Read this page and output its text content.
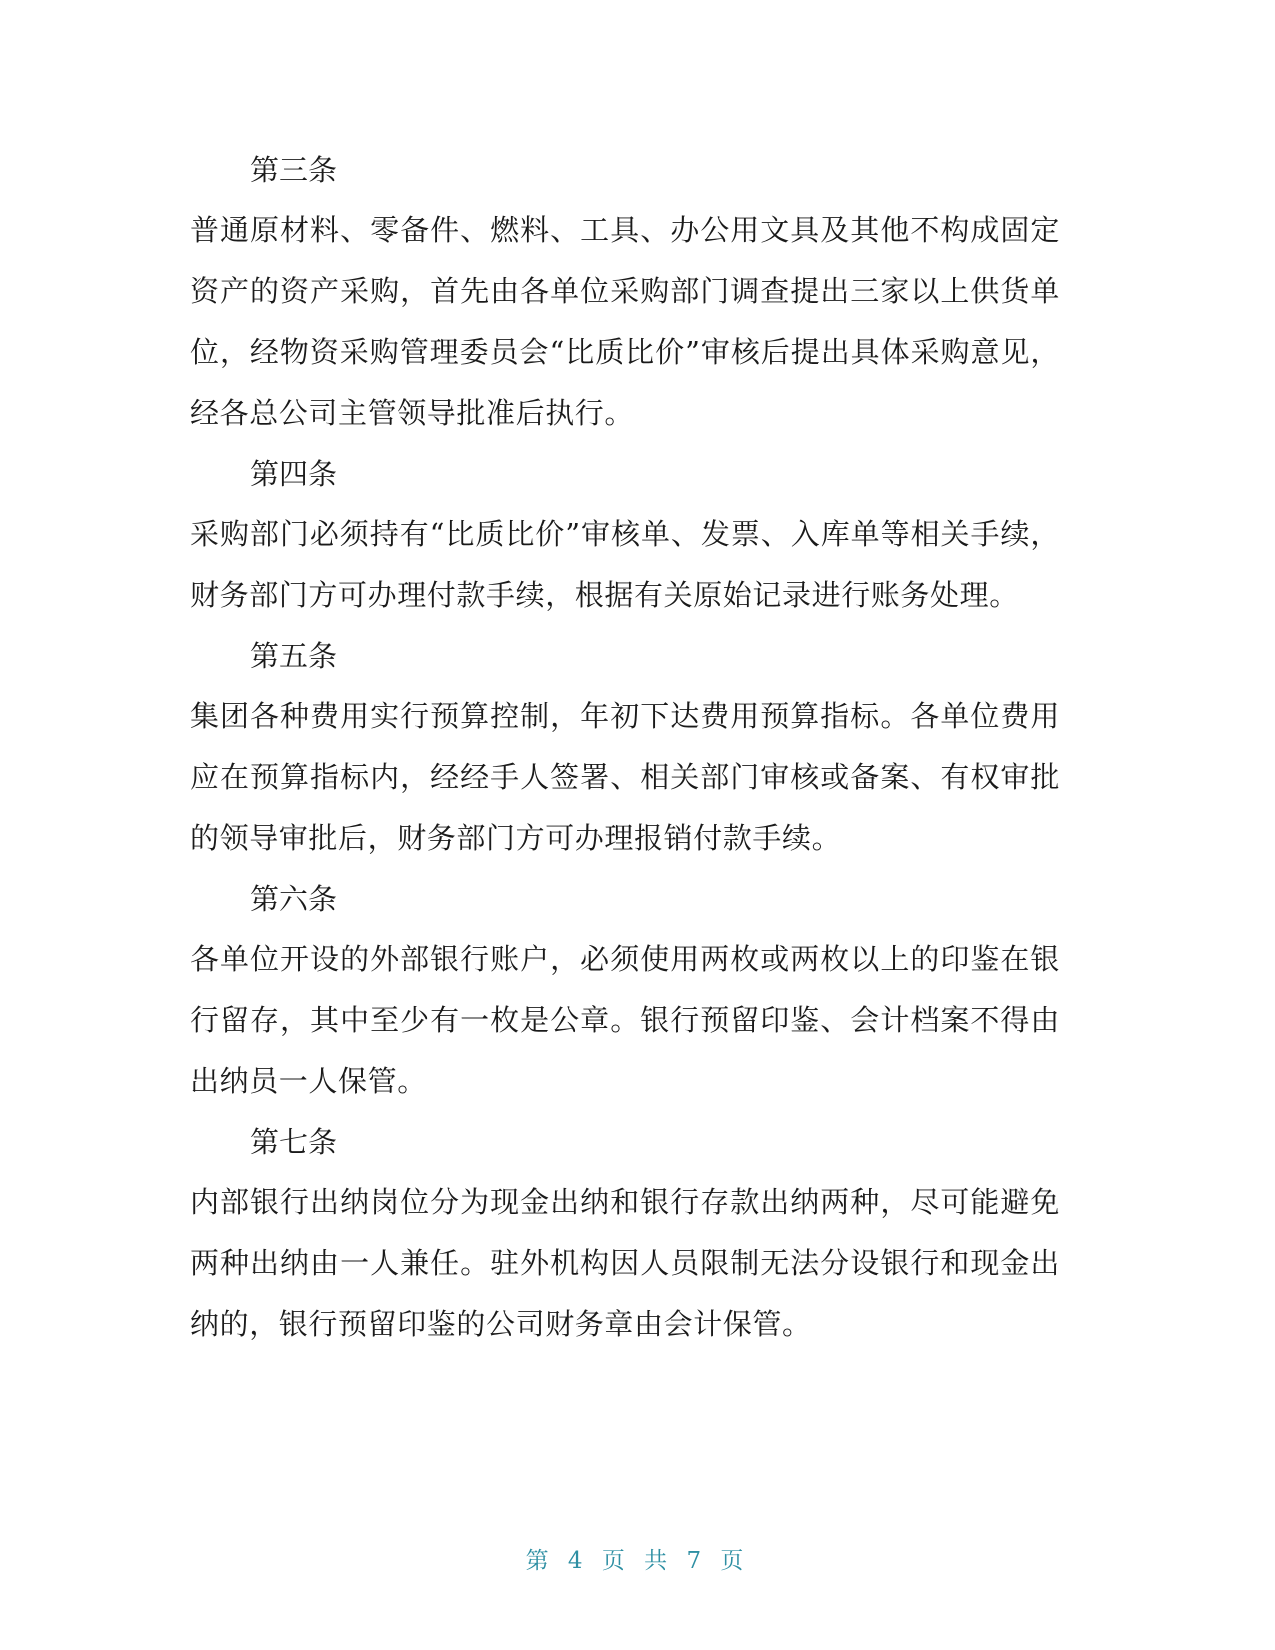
第三条

普通原材料、零备件、燃料、工具、办公用文具及其他不构成固定资产的资产采购，首先由各单位采购部门调查提出三家以上供货单位，经物资采购管理委员会“比质比价”审核后提出具体采购意见，经各总公司主管领导批准后执行。

第四条

采购部门必须持有“比质比价”审核单、发票、入库单等相关手续，财务部门方可办理付款手续，根据有关原始记录进行账务处理。

第五条

集团各种费用实行预算控制，年初下达费用预算指标。各单位费用应在预算指标内，经经手人签署、相关部门审核或备案、有权审批的领导审批后，财务部门方可办理报销付款手续。

第六条

各单位开设的外部银行账户，必须使用两枚或两枚以上的印鉴在银行留存，其中至少有一枚是公章。银行预留印鉴、会计档案不得由出纳员一人保管。

第七条

内部银行出纳岗位分为现金出纳和银行存款出纳两种，尽可能避免两种出纳由一人兼任。驻外机构因人员限制无法分设银行和现金出纳的，银行预留印鉴的公司财务章由会计保管。

第 4 页 共 7 页
